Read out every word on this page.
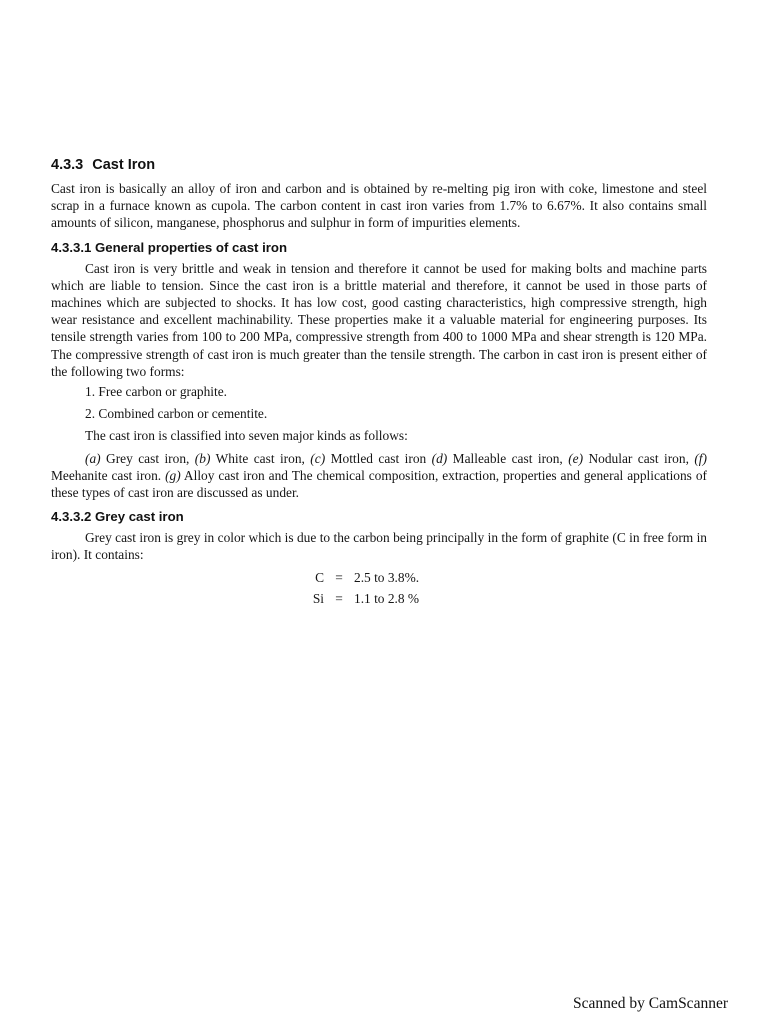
4.3.3 Cast Iron

Cast iron is basically an alloy of iron and carbon and is obtained by re-melting pig iron with coke, limestone and steel scrap in a furnace known as cupola. The carbon content in cast iron varies from 1.7% to 6.67%. It also contains small amounts of silicon, manganese, phosphorus and sulphur in form of impurities elements.

4.3.3.1 General properties of cast iron

Cast iron is very brittle and weak in tension and therefore it cannot be used for making bolts and machine parts which are liable to tension. Since the cast iron is a brittle material and therefore, it cannot be used in those parts of machines which are subjected to shocks. It has low cost, good casting characteristics, high compressive strength, high wear resistance and excellent machinability. These properties make it a valuable material for engineering purposes. Its tensile strength varies from 100 to 200 MPa, compressive strength from 400 to 1000 MPa and shear strength is 120 MPa. The compressive strength of cast iron is much greater than the tensile strength. The carbon in cast iron is present either of the following two forms:

1. Free carbon or graphite.
2. Combined carbon or cementite.

The cast iron is classified into seven major kinds as follows:

(a) Grey cast iron, (b) White cast iron, (c) Mottled cast iron (d) Malleable cast iron, (e) Nodular cast iron, (f) Meehanite cast iron. (g) Alloy cast iron and The chemical composition, extraction, properties and general applications of these types of cast iron are discussed as under.

4.3.3.2 Grey cast iron

Grey cast iron is grey in color which is due to the carbon being principally in the form of graphite (C in free form in iron). It contains:

C = 2.5 to 3.8%.
Si = 1.1 to 2.8 %
Scanned by CamScanner
